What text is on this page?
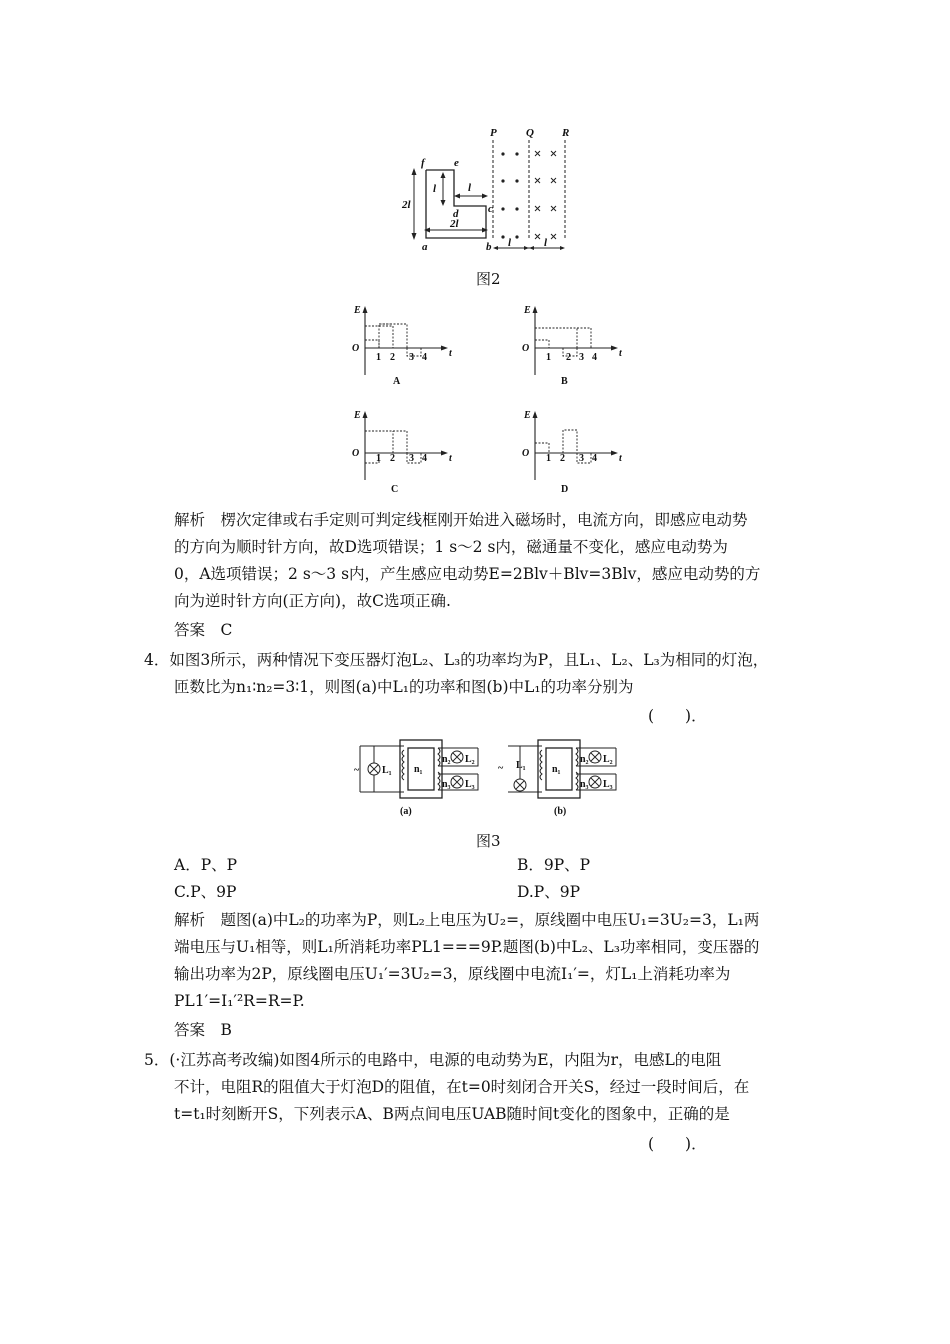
P	Q	R
f	e
d	c
a	b
2l
l	l
2l
l	l
图2
E
O	t
1 2 3 4
A
E
O	t
1 2 3 4
B
E
O	t
1 2 3 4
C
E
O	t
1 2 3 4
D
解析　 楞次定律或右手定则可判定线框刚开始进入磁场时，电流方向，即感应电动势
的方向为顺时针方向，故D选项错误；1 s～2 s内，磁通量不变化，感应电动势为
0，A选项错误；2 s～3 s内，产生感应电动势E=2Blv＋Blv=3Blv，感应电动势的方
向为逆时针方向(正方向)，故C选项正确.
答案　 C
4．如图3所示，两种情况下变压器灯泡L₂、L₃的功率均为P，且L₁、L₂、L₃为相同的灯泡，
匝数比为n₁∶n₂=3∶1，则图(a)中L₁的功率和图(b)中L₁的功率分别为
(　　)．
~ L₁ n₁
n₂
n₃
L₂
L₃
(a)
~ L₁	n₁
n₂
n₃
L₂
L₃
(b)
图3
A．P、P	B．9P、P
C.P、9P	D.P、9P
解析　 题图(a)中L₂的功率为P，则L₂上电压为U₂=，原线圈中电压U₁=3U₂=3，L₁两
端电压与U₁相等，则L₁所消耗功率PL1===9P.题图(b)中L₂、L₃功率相同，变压器的
输出功率为2P，原线圈电压U₁′=3U₂=3，原线圈中电流I₁′=，灯L₁上消耗功率为
PL1′=I₁′²R=R=P.
答案　 B
5．(·江苏高考改编)如图4所示的电路中，电源的电动势为E，内阻为r，电感L的电阻
不计，电阻R的阻值大于灯泡D的阻值，在t=0时刻闭合开关S，经过一段时间后，在
t=t₁时刻断开S，下列表示A、B两点间电压UAB随时间t变化的图象中，正确的是
(　　)．
